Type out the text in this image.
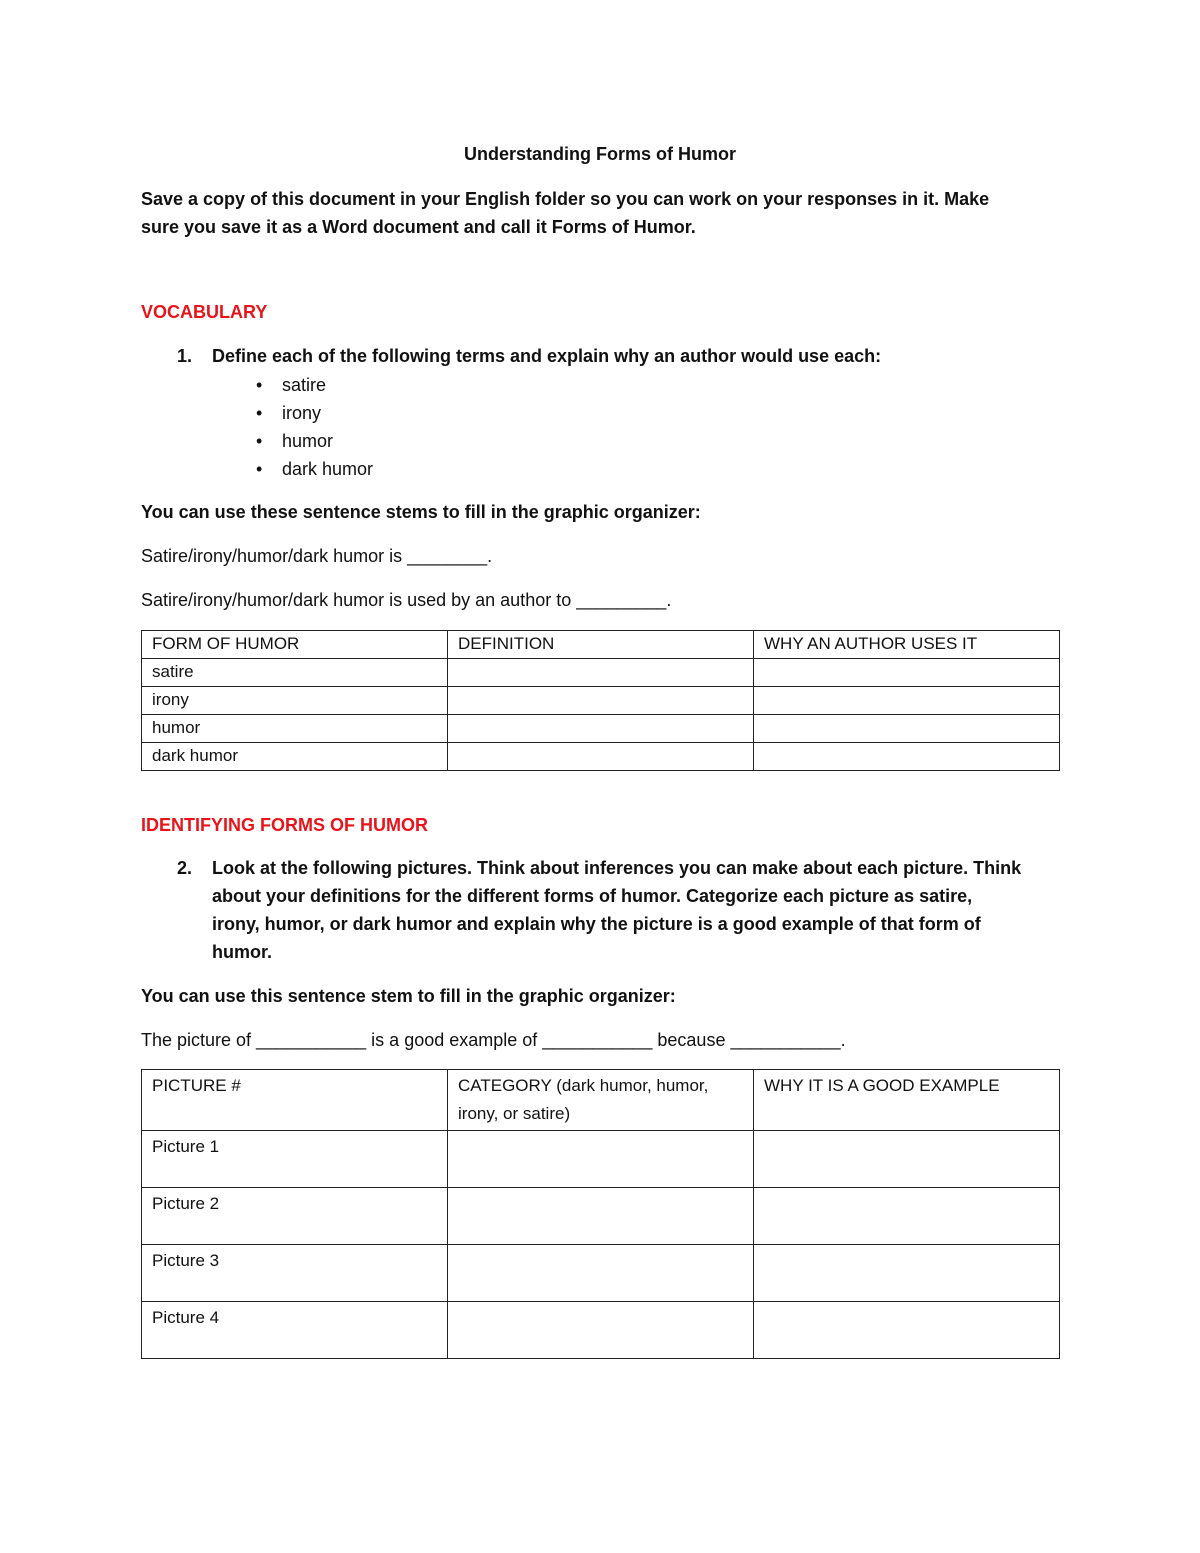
Understanding Forms of Humor
Save a copy of this document in your English folder so you can work on your responses in it. Make
sure you save it as a Word document and call it Forms of Humor.
VOCABULARY
1. Define each of the following terms and explain why an author would use each:
• satire
• irony
• humor
• dark humor
You can use these sentence stems to fill in the graphic organizer:
Satire/irony/humor/dark humor is ________.
Satire/irony/humor/dark humor is used by an author to _________.
FORM OF HUMOR	DEFINITION	WHY AN AUTHOR USES IT
satire		
irony		
humor		
dark humor		
IDENTIFYING FORMS OF HUMOR
2. Look at the following pictures. Think about inferences you can make about each picture. Think
about your definitions for the different forms of humor. Categorize each picture as satire,
irony, humor, or dark humor and explain why the picture is a good example of that form of
humor.
You can use this sentence stem to fill in the graphic organizer:
The picture of ___________ is a good example of ___________ because ___________.
PICTURE #	CATEGORY (dark humor, humor, irony, or satire)	WHY IT IS A GOOD EXAMPLE
Picture 1		
Picture 2		
Picture 3		
Picture 4		
